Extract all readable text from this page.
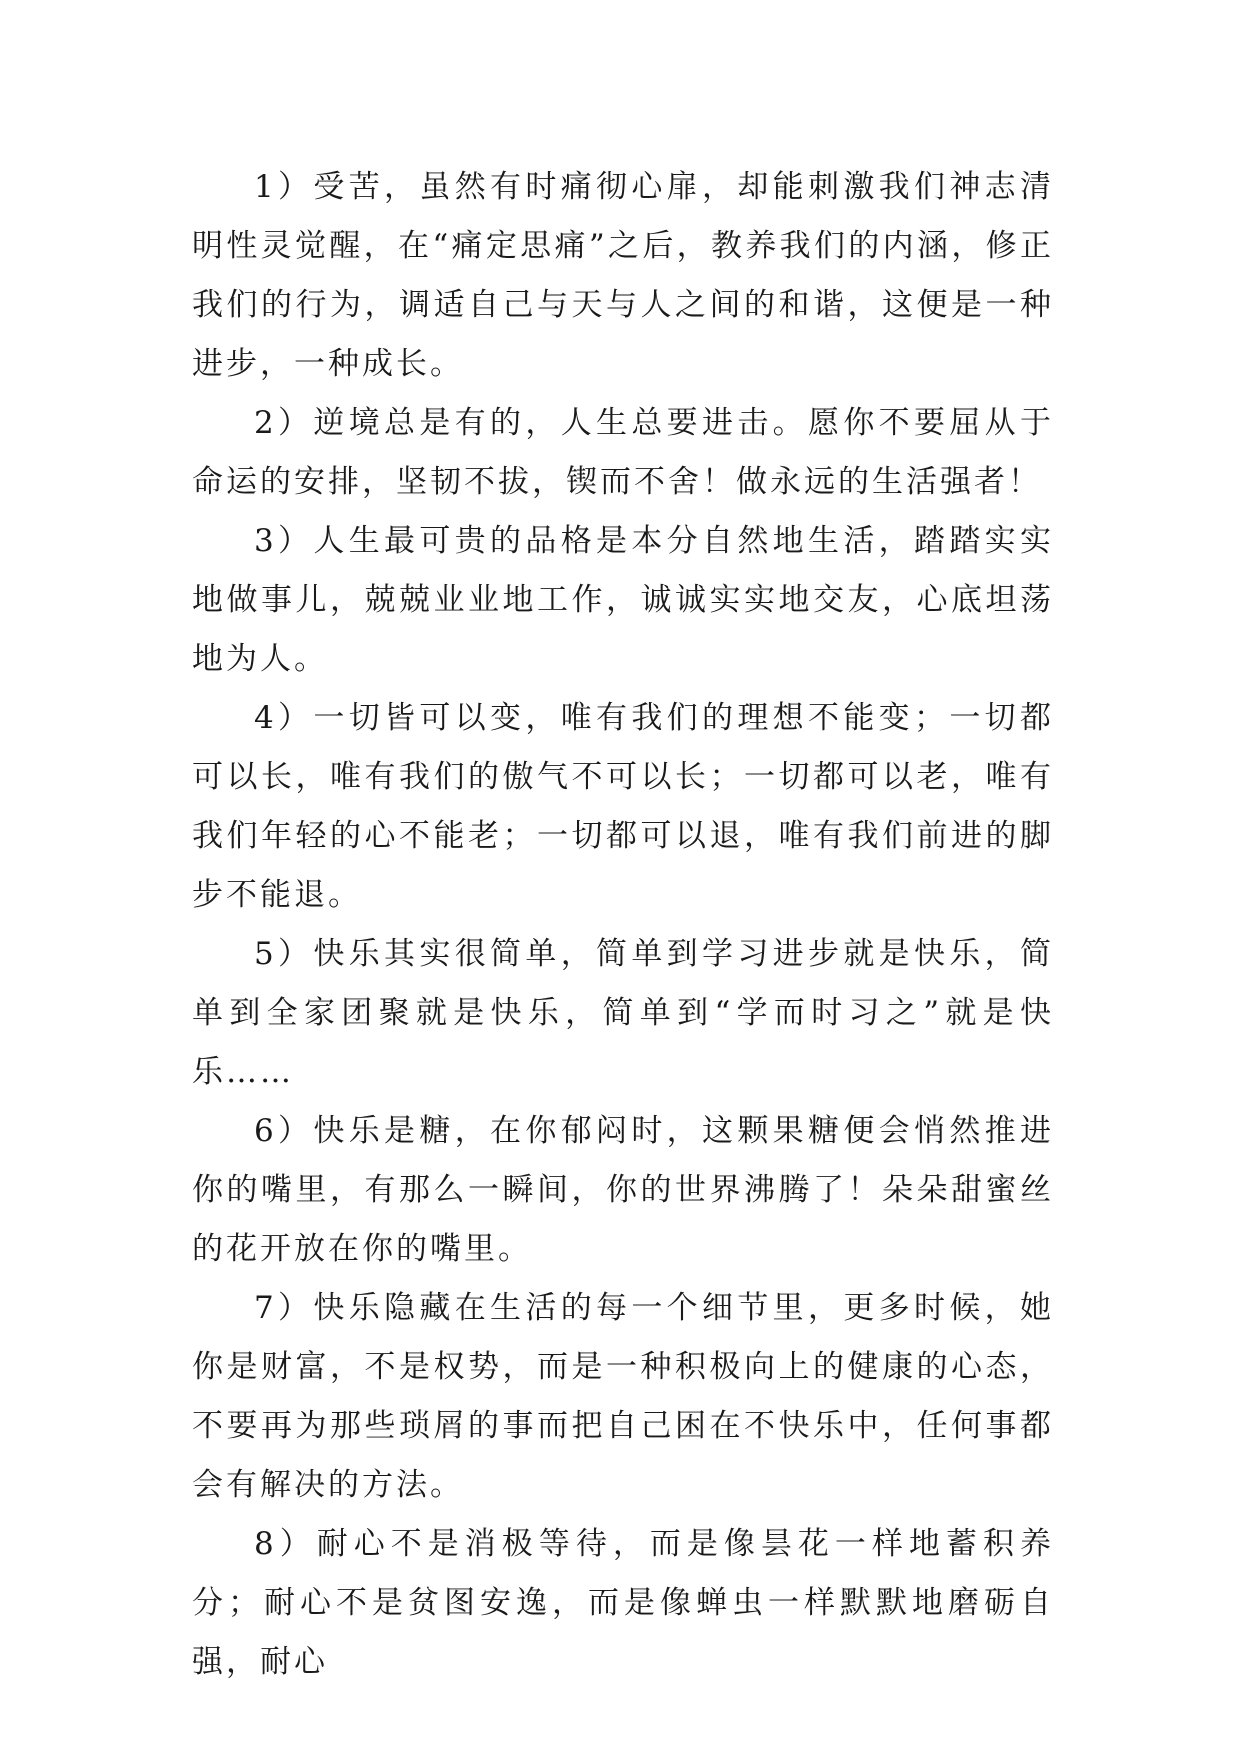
1）受苦，虽然有时痛彻心扉，却能刺激我们神志清明性灵觉醒，在“痛定思痛”之后，教养我们的内涵，修正我们的行为，调适自己与天与人之间的和谐，这便是一种进步，一种成长。

2）逆境总是有的，人生总要进击。愿你不要屈从于命运的安排，坚韧不拔，锲而不舍！做永远的生活强者！

3）人生最可贵的品格是本分自然地生活，踏踏实实地做事儿，兢兢业业地工作，诚诚实实地交友，心底坦荡地为人。

4）一切皆可以变，唯有我们的理想不能变；一切都可以长，唯有我们的傲气不可以长；一切都可以老，唯有我们年轻的心不能老；一切都可以退，唯有我们前进的脚步不能退。

5）快乐其实很简单，简单到学习进步就是快乐，简单到全家团聚就是快乐，简单到“学而时习之”就是快乐……

6）快乐是糖，在你郁闷时，这颗果糖便会悄然推进你的嘴里，有那么一瞬间，你的世界沸腾了！朵朵甜蜜丝的花开放在你的嘴里。

7）快乐隐藏在生活的每一个细节里，更多时候，她你是财富，不是权势，而是一种积极向上的健康的心态，不要再为那些琐屑的事而把自己困在不快乐中，任何事都会有解决的方法。

8）耐心不是消极等待，而是像昙花一样地蓄积养分；耐心不是贫图安逸，而是像蝉虫一样默默地磨砺自强，耐心
